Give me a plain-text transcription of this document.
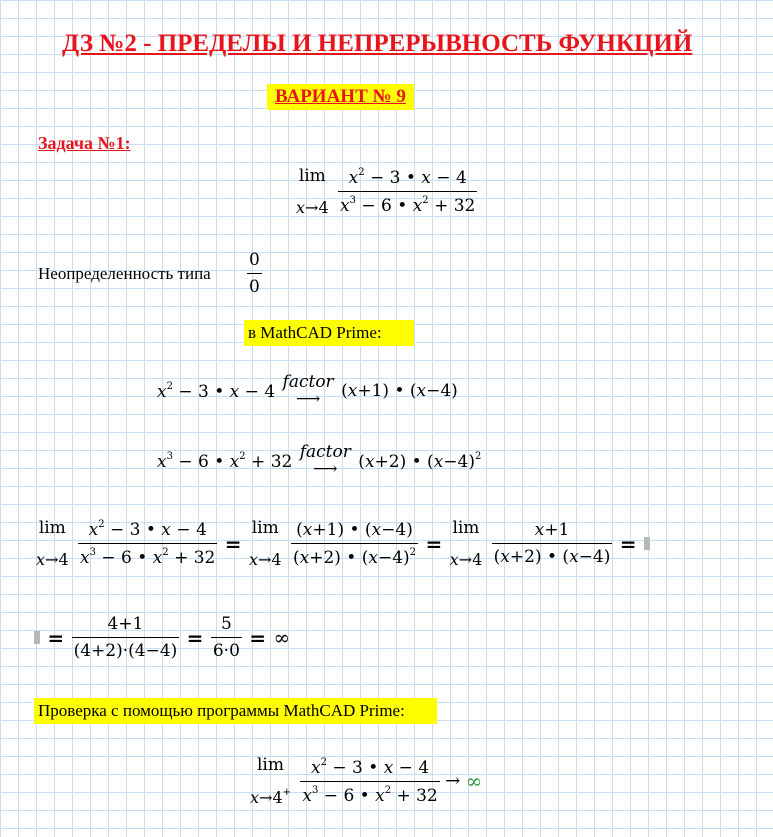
ДЗ №2 - ПРЕДЕЛЫ И НЕПРЕРЫВНОСТЬ ФУНКЦИЙ
ВАРИАНТ № 9
Задача №1:
lim
x→4
$\frac{x^2 - 3 • x - 4}{x^3 - 6 • x^2 + 32}$
Неопределенность типа $\frac{0}{0}$
в MathCAD Prime:
$x^2 - 3$ • x − 4 factor
⟶ (x+1) • (x−4)
$x^3 - 6$ • $x^2 + 32$ factor
⟶ (x+2) • $(x-4)^2$
lim
x→4
$\frac{x^2 - 3 • x - 4}{x^3 - 6 • x^2 + 32}$ =
lim
x→4
$\frac{(x+1) • (x-4)}{(x+2) • (x-4)^2}$ =
lim
x→4
$\frac{x+1}{(x+2) • (x-4)}$ =
= $\frac{4+1}{(4+2)\cdot(4-4)} = \frac{5}{6\cdot 0}$ = ∞
Проверка с помощью программы MathCAD Prime:
lim
x→4+
$\frac{x^2 - 3 • x - 4}{x^3 - 6 • x^2 + 32}$ → ∞
